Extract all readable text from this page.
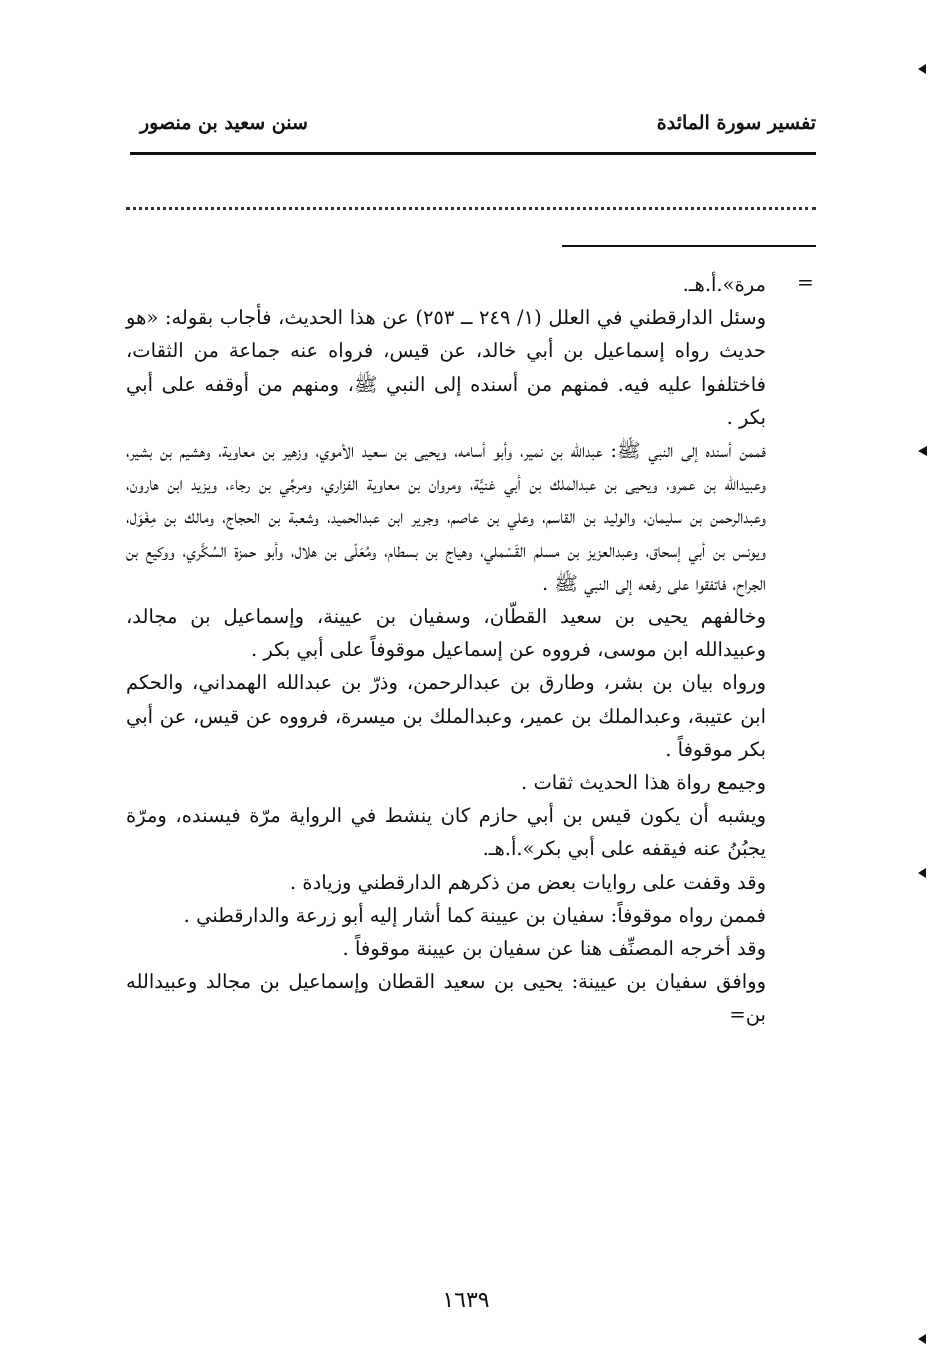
تفسير سورة المائدة
سنن سعيد بن منصور
=

مرة».أ.هـ.

وسئل الدارقطني في العلل (١/ ٢٤٩ ــ ٢٥٣) عن هذا الحديث، فأجاب بقوله: «هو حديث رواه إسماعيل بن أبي خالد، عن قيس، فرواه عنه جماعة من الثقات، فاختلفوا عليه فيه. فمنهم من أسنده إلى النبي ﷺ، ومنهم من أوقفه على أبي بكر .

فممن أسنده إلى النبي ﷺ: عبدالله بن نمير، وأبو أسامه، ويحيى بن سعيد الأموي، وزهير بن معاوية، وهشيم بن بشير، وعبيدالله بن عمرو، ويحيى بن عبدالملك بن أبي غنيَّة، ومروان بن معاوية الفزاري، ومرجِّي بن رجاء، ويزيد ابن هارون، وعبدالرحمن بن سليمان، والوليد بن القاسم، وعلي بن عاصم، وجرير ابن عبدالحميد، وشعبة بن الحجاج، ومالك بن مِغْوَل، ويونس بن أبي إسحاق، وعبدالعزيز بن مسلم القَسْملي، وهياج بن بسطام، ومُعَلّى بن هلال، وأبو حمزة السُكَّري، ووكيع بن الجراح، فاتفقوا على رفعه إلى النبي ﷺ .

وخالفهم يحيى بن سعيد القطّان، وسفيان بن عيينة، وإسماعيل بن مجالد، وعبيدالله ابن موسى، فرووه عن إسماعيل موقوفاً على أبي بكر .

ورواه بيان بن بشر، وطارق بن عبدالرحمن، وذرّ بن عبدالله الهمداني، والحكم ابن عتيبة، وعبدالملك بن عمير، وعبدالملك بن ميسرة، فرووه عن قيس، عن أبي بكر موقوفاً .

وجيمع رواة هذا الحديث ثقات .

ويشبه أن يكون قيس بن أبي حازم كان ينشط في الرواية مرّة فيسنده، ومرّة يجبُنُ عنه فيقفه على أبي بكر».أ.هـ.

وقد وقفت على روايات بعض من ذكرهم الدارقطني وزيادة .

فممن رواه موقوفاً: سفيان بن عيينة كما أشار إليه أبو زرعة والدارقطني .

وقد أخرجه المصنِّف هنا عن سفيان بن عيينة موقوفاً .

ووافق سفيان بن عيينة: يحيى بن سعيد القطان وإسماعيل بن مجالد وعبيدالله بن=

١٦٣٩
